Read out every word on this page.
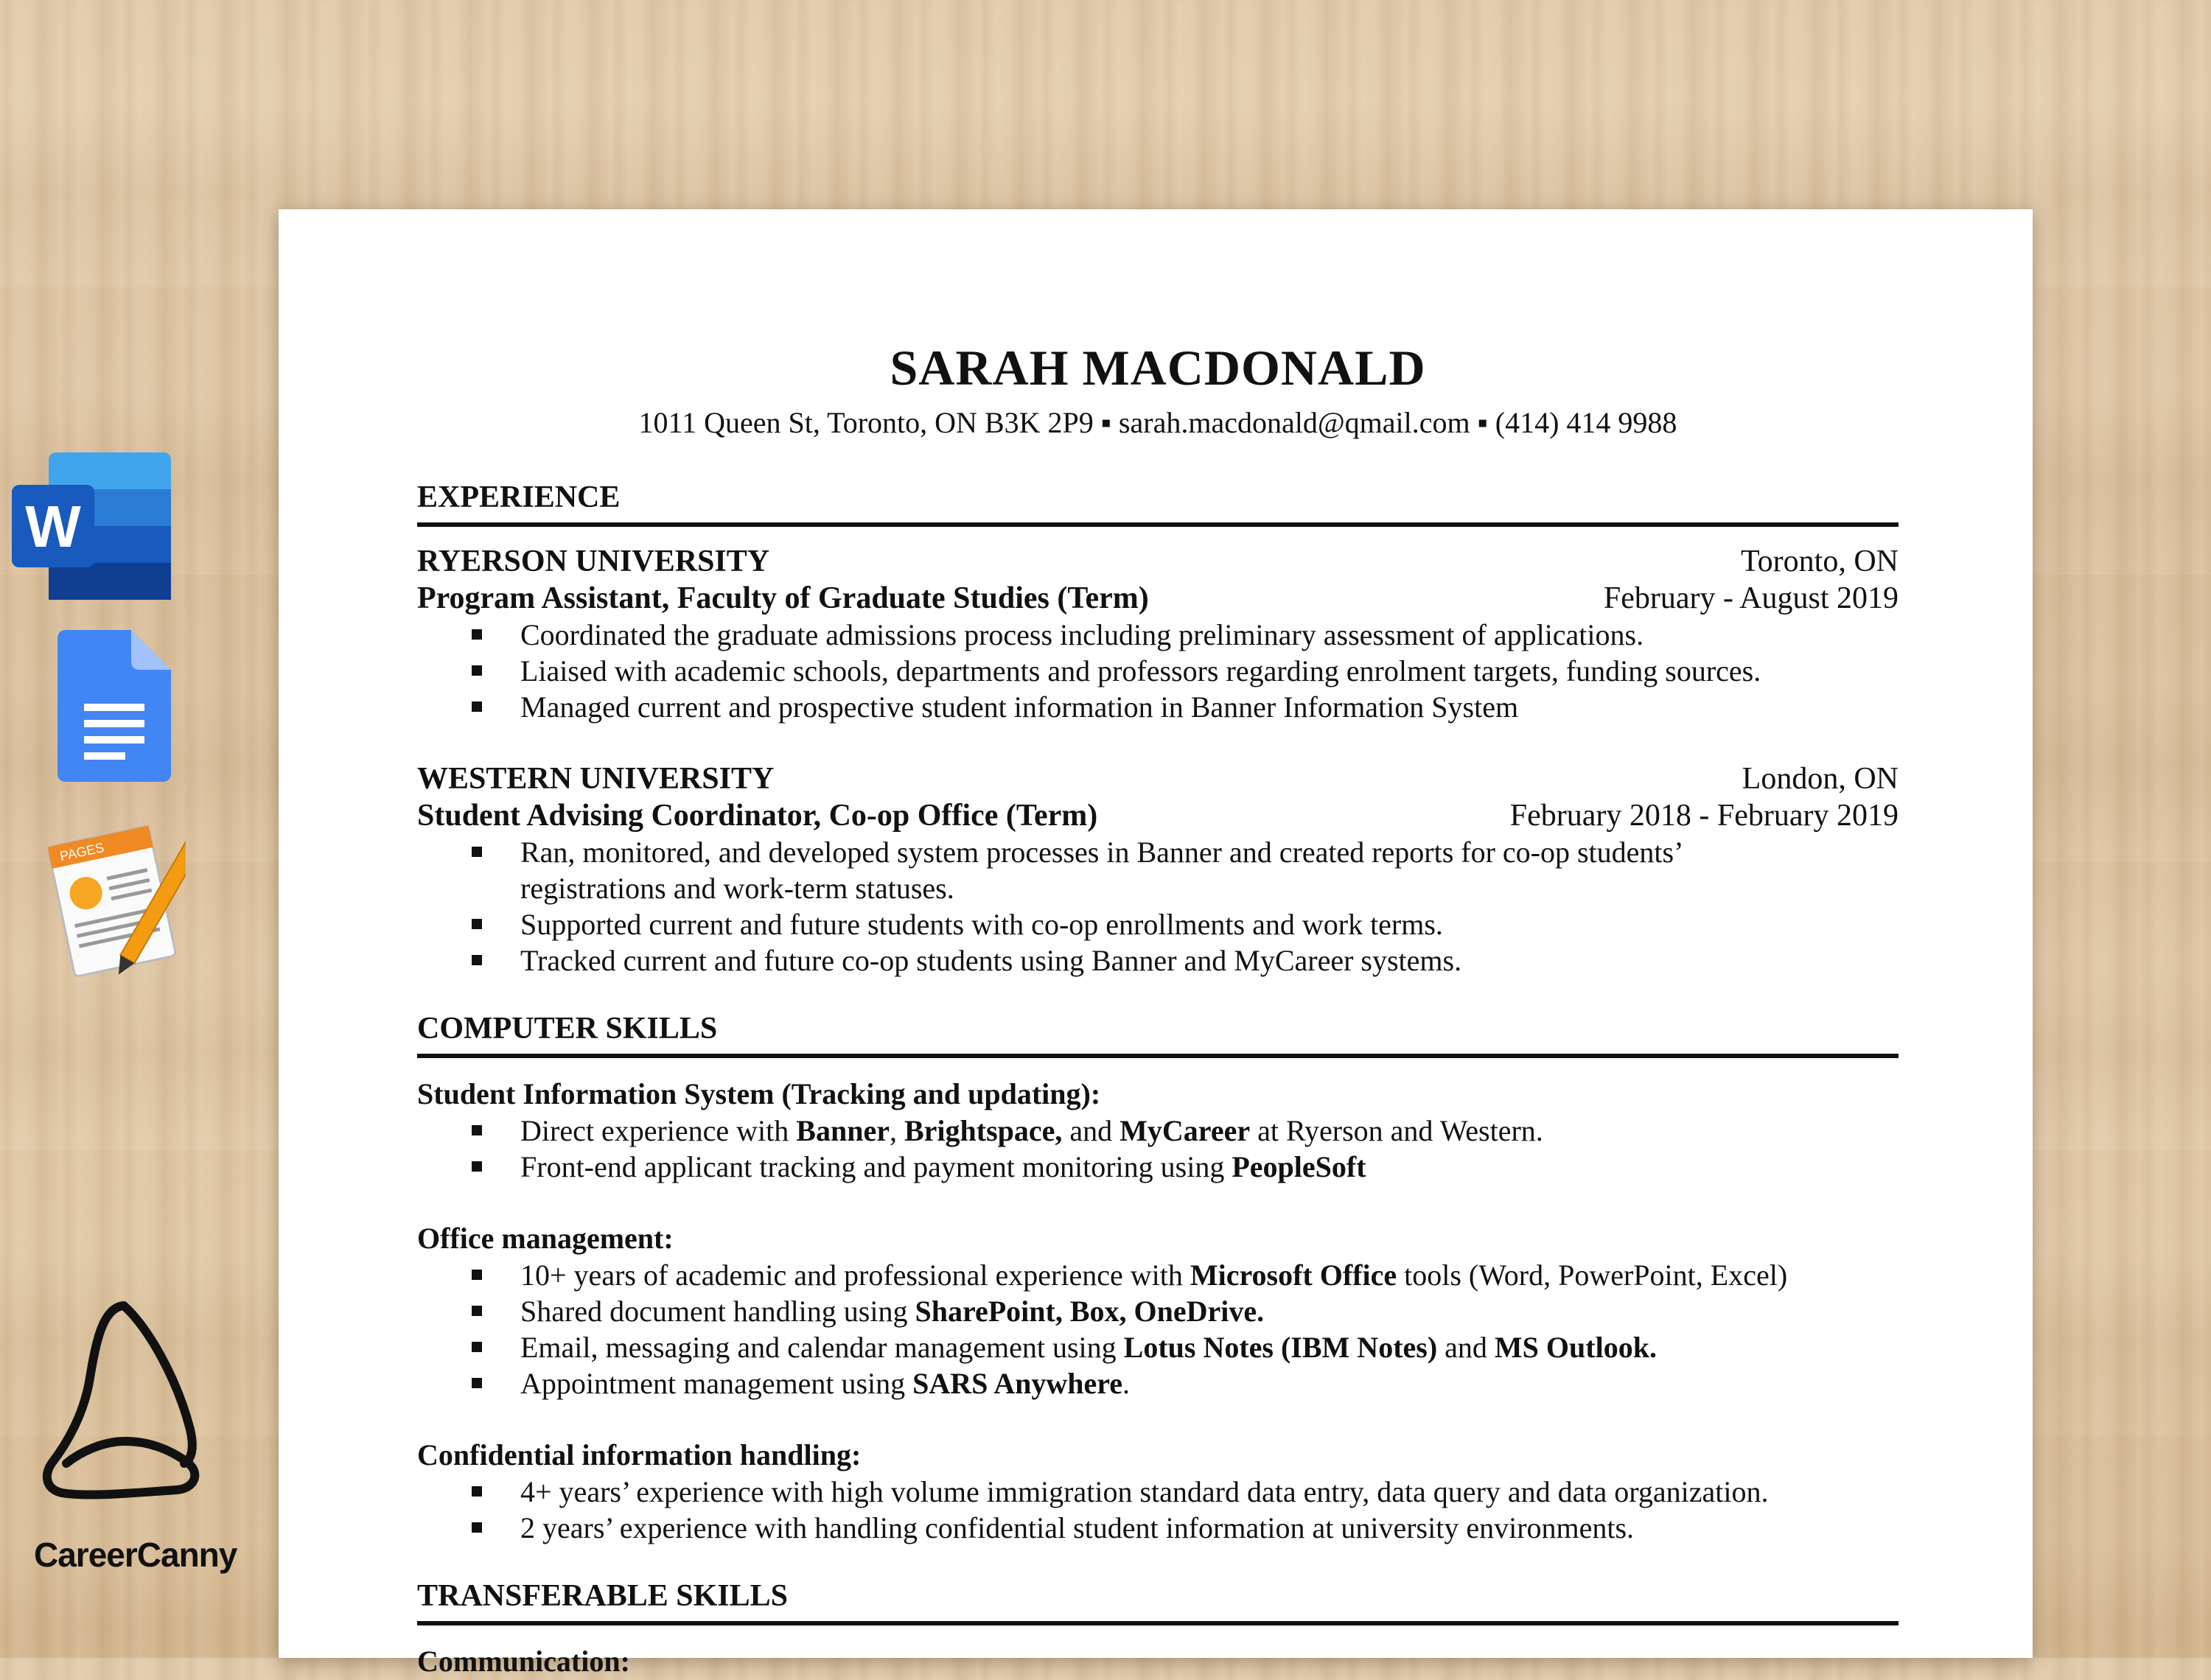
W
PAGES
CareerCanny
SARAH MACDONALD
1011 Queen St, Toronto, ON B3K 2P9 ▪ sarah.macdonald@qmail.com ▪ (414) 414 9988
EXPERIENCE
RYERSON UNIVERSITY	Toronto, ON
Program Assistant, Faculty of Graduate Studies (Term)	February - August 2019
Coordinated the graduate admissions process including preliminary assessment of applications.
Liaised with academic schools, departments and professors regarding enrolment targets, funding sources.
Managed current and prospective student information in Banner Information System
WESTERN UNIVERSITY	London, ON
Student Advising Coordinator, Co-op Office (Term)	February 2018 - February 2019
Ran, monitored, and developed system processes in Banner and created reports for co-op students’
registrations and work-term statuses.
Supported current and future students with co-op enrollments and work terms.
Tracked current and future co-op students using Banner and MyCareer systems.
COMPUTER SKILLS
Student Information System (Tracking and updating):
Direct experience with Banner, Brightspace, and MyCareer at Ryerson and Western.
Front-end applicant tracking and payment monitoring using PeopleSoft
Office management:
10+ years of academic and professional experience with Microsoft Office tools (Word, PowerPoint, Excel)
Shared document handling using SharePoint, Box, OneDrive.
Email, messaging and calendar management using Lotus Notes (IBM Notes) and MS Outlook.
Appointment management using SARS Anywhere.
Confidential information handling:
4+ years’ experience with high volume immigration standard data entry, data query and data organization.
2 years’ experience with handling confidential student information at university environments.
TRANSFERABLE SKILLS
Communication:
